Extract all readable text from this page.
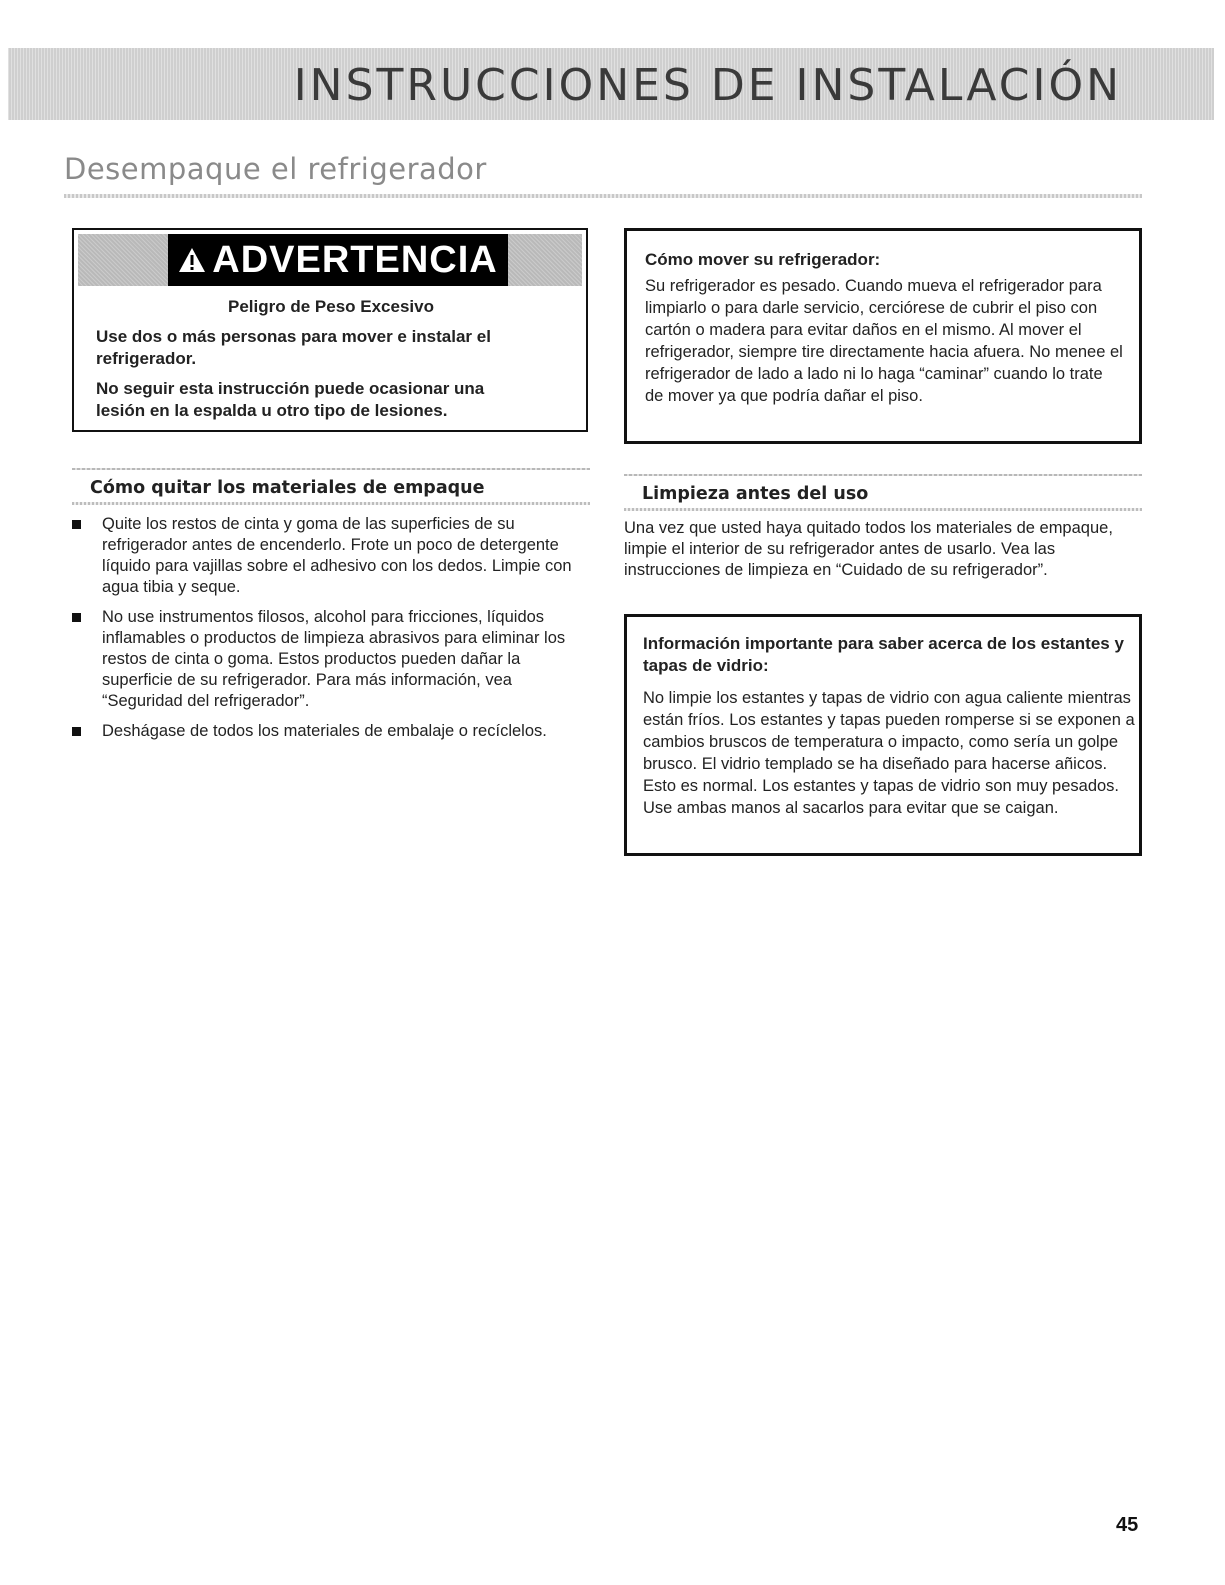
INSTRUCCIONES DE INSTALACIÓN
Desempaque el refrigerador
ADVERTENCIA
Peligro de Peso Excesivo

Use dos o más personas para mover e instalar el refrigerador.

No seguir esta instrucción puede ocasionar una lesión en la espalda u otro tipo de lesiones.

Cómo mover su refrigerador:

Su refrigerador es pesado. Cuando mueva el refrigerador para limpiarlo o para darle servicio, cerciórese de cubrir el piso con cartón o madera para evitar daños en el mismo. Al mover el refrigerador, siempre tire directamente hacia afuera. No menee el refrigerador de lado a lado ni lo haga “caminar” cuando lo trate de mover ya que podría dañar el piso.

Cómo quitar los materiales de empaque
Quite los restos de cinta y goma de las superficies de su refrigerador antes de encenderlo. Frote un poco de detergente líquido para vajillas sobre el adhesivo con los dedos. Limpie con agua tibia y seque.
No use instrumentos filosos, alcohol para fricciones, líquidos inflamables o productos de limpieza abrasivos para eliminar los restos de cinta o goma. Estos productos pueden dañar la superficie de su refrigerador. Para más información, vea “Seguridad del refrigerador”.
Deshágase de todos los materiales de embalaje o recíclelos.
Limpieza antes del uso

Una vez que usted haya quitado todos los materiales de empaque, limpie el interior de su refrigerador antes de usarlo. Vea las instrucciones de limpieza en “Cuidado de su refrigerador”.

Información importante para saber acerca de los estantes y tapas de vidrio:

No limpie los estantes y tapas de vidrio con agua caliente mientras están fríos. Los estantes y tapas pueden romperse si se exponen a cambios bruscos de temperatura o impacto, como sería un golpe brusco. El vidrio templado se ha diseñado para hacerse añicos. Esto es normal. Los estantes y tapas de vidrio son muy pesados. Use ambas manos al sacarlos para evitar que se caigan.

45
